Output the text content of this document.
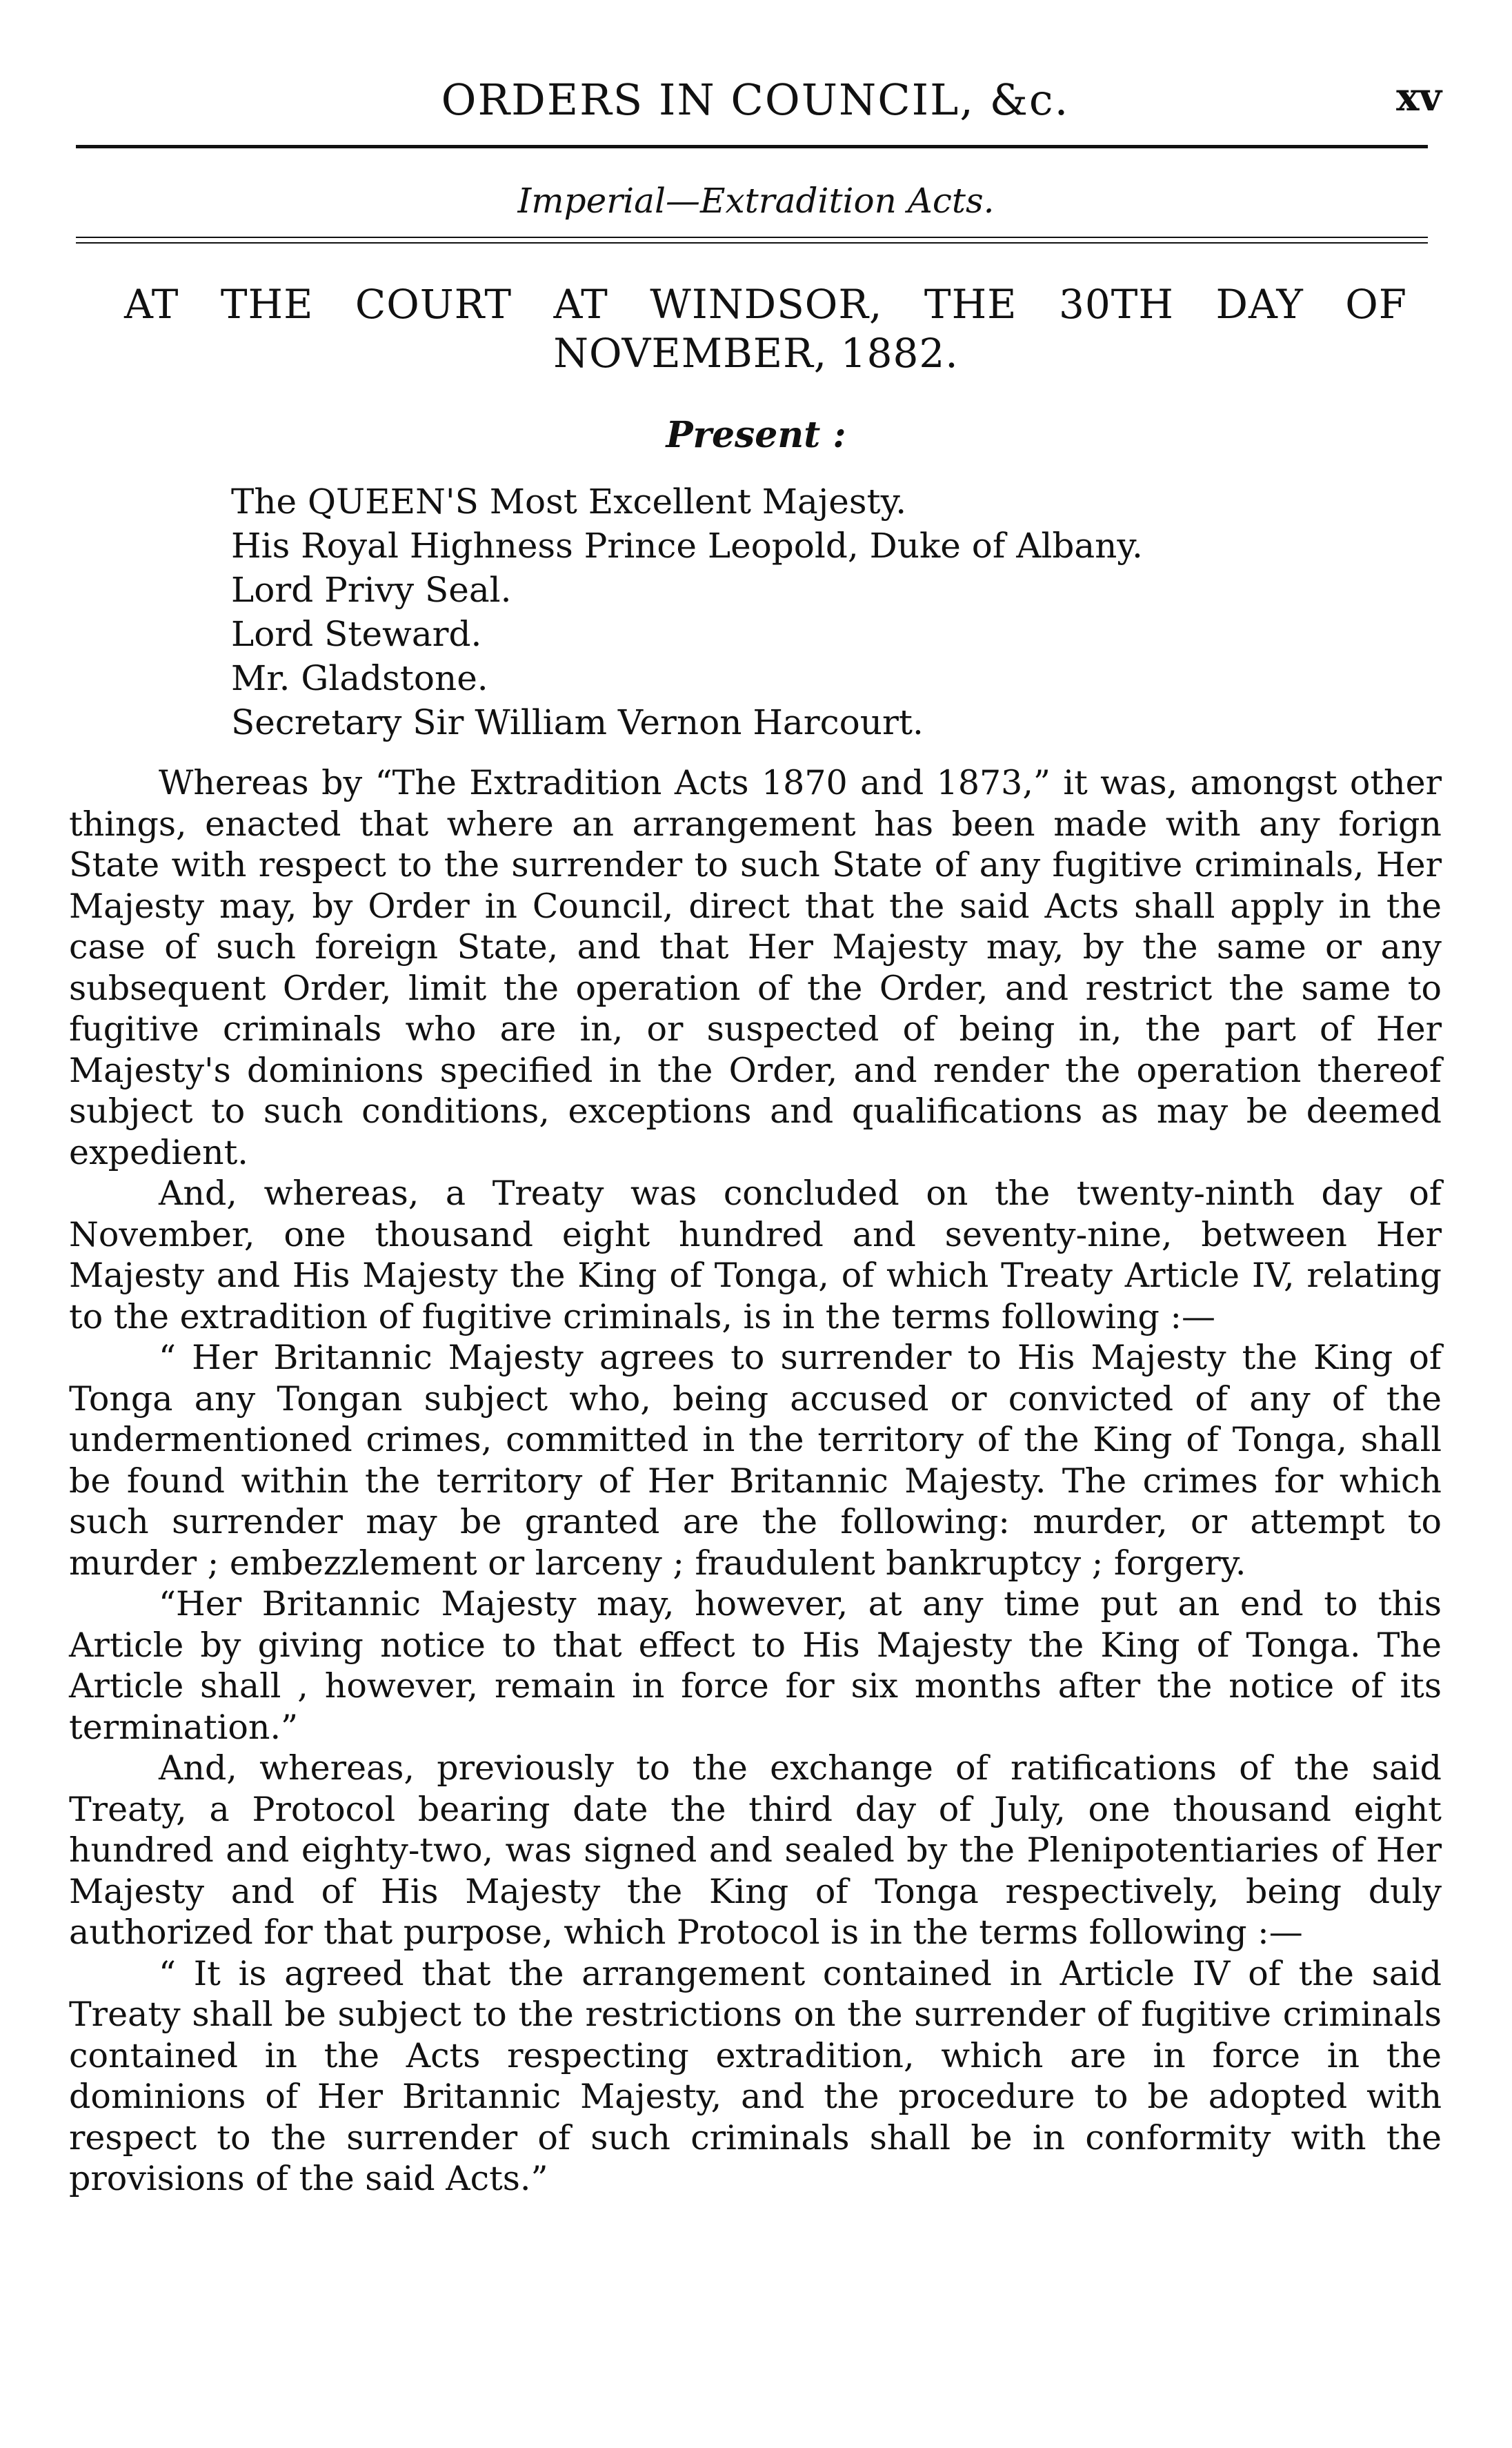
ORDERS IN COUNCIL, &c.	xv
Imperial—Extradition Acts.
AT THE COURT AT WINDSOR, THE 30TH DAY OF
NOVEMBER, 1882.
Present :
The QUEEN'S Most Excellent Majesty.
His Royal Highness Prince Leopold, Duke of Albany.
Lord Privy Seal.
Lord Steward.
Mr. Gladstone.
Secretary Sir William Vernon Harcourt.

Whereas by “The Extradition Acts 1870 and 1873,” it was, amongst other things, enacted that where an arrangement has been made with any forign State with respect to the surrender to such State of any fugitive criminals, Her Majesty may, by Order in Council, direct that the said Acts shall apply in the case of such foreign State, and that Her Majesty may, by the same or any subsequent Order, limit the operation of the Order, and restrict the same to fugitive criminals who are in, or suspected of being in, the part of Her Majesty's dominions specified in the Order, and render the operation thereof subject to such conditions, exceptions and qualifications as may be deemed expedient.

And, whereas, a Treaty was concluded on the twenty-ninth day of November, one thousand eight hundred and seventy-nine, between Her Majesty and His Majesty the King of Tonga, of which Treaty Article IV, relating to the extradition of fugitive criminals, is in the terms following :—

“ Her Britannic Majesty agrees to surrender to His Majesty the King of Tonga any Tongan subject who, being accused or convicted of any of the undermentioned crimes, committed in the territory of the King of Tonga, shall be found within the territory of Her Britannic Majesty. The crimes for which such surrender may be granted are the following: murder, or attempt to murder ; embezzlement or larceny ; fraudulent bankruptcy ; forgery.

“Her Britannic Majesty may, however, at any time put an end to this Article by giving notice to that effect to His Majesty the King of Tonga. The Article shall , however, remain in force for six months after the notice of its termination.”

And, whereas, previously to the exchange of ratifications of the said Treaty, a Protocol bearing date the third day of July, one thousand eight hundred and eighty-two, was signed and sealed by the Plenipotentiaries of Her Majesty and of His Majesty the King of Tonga respectively, being duly authorized for that purpose, which Protocol is in the terms following :—

“ It is agreed that the arrangement contained in Article IV of the said Treaty shall be subject to the restrictions on the surrender of fugitive criminals contained in the Acts respecting extradition, which are in force in the dominions of Her Britannic Majesty, and the procedure to be adopted with respect to the surrender of such criminals shall be in conformity with the provisions of the said Acts.”
